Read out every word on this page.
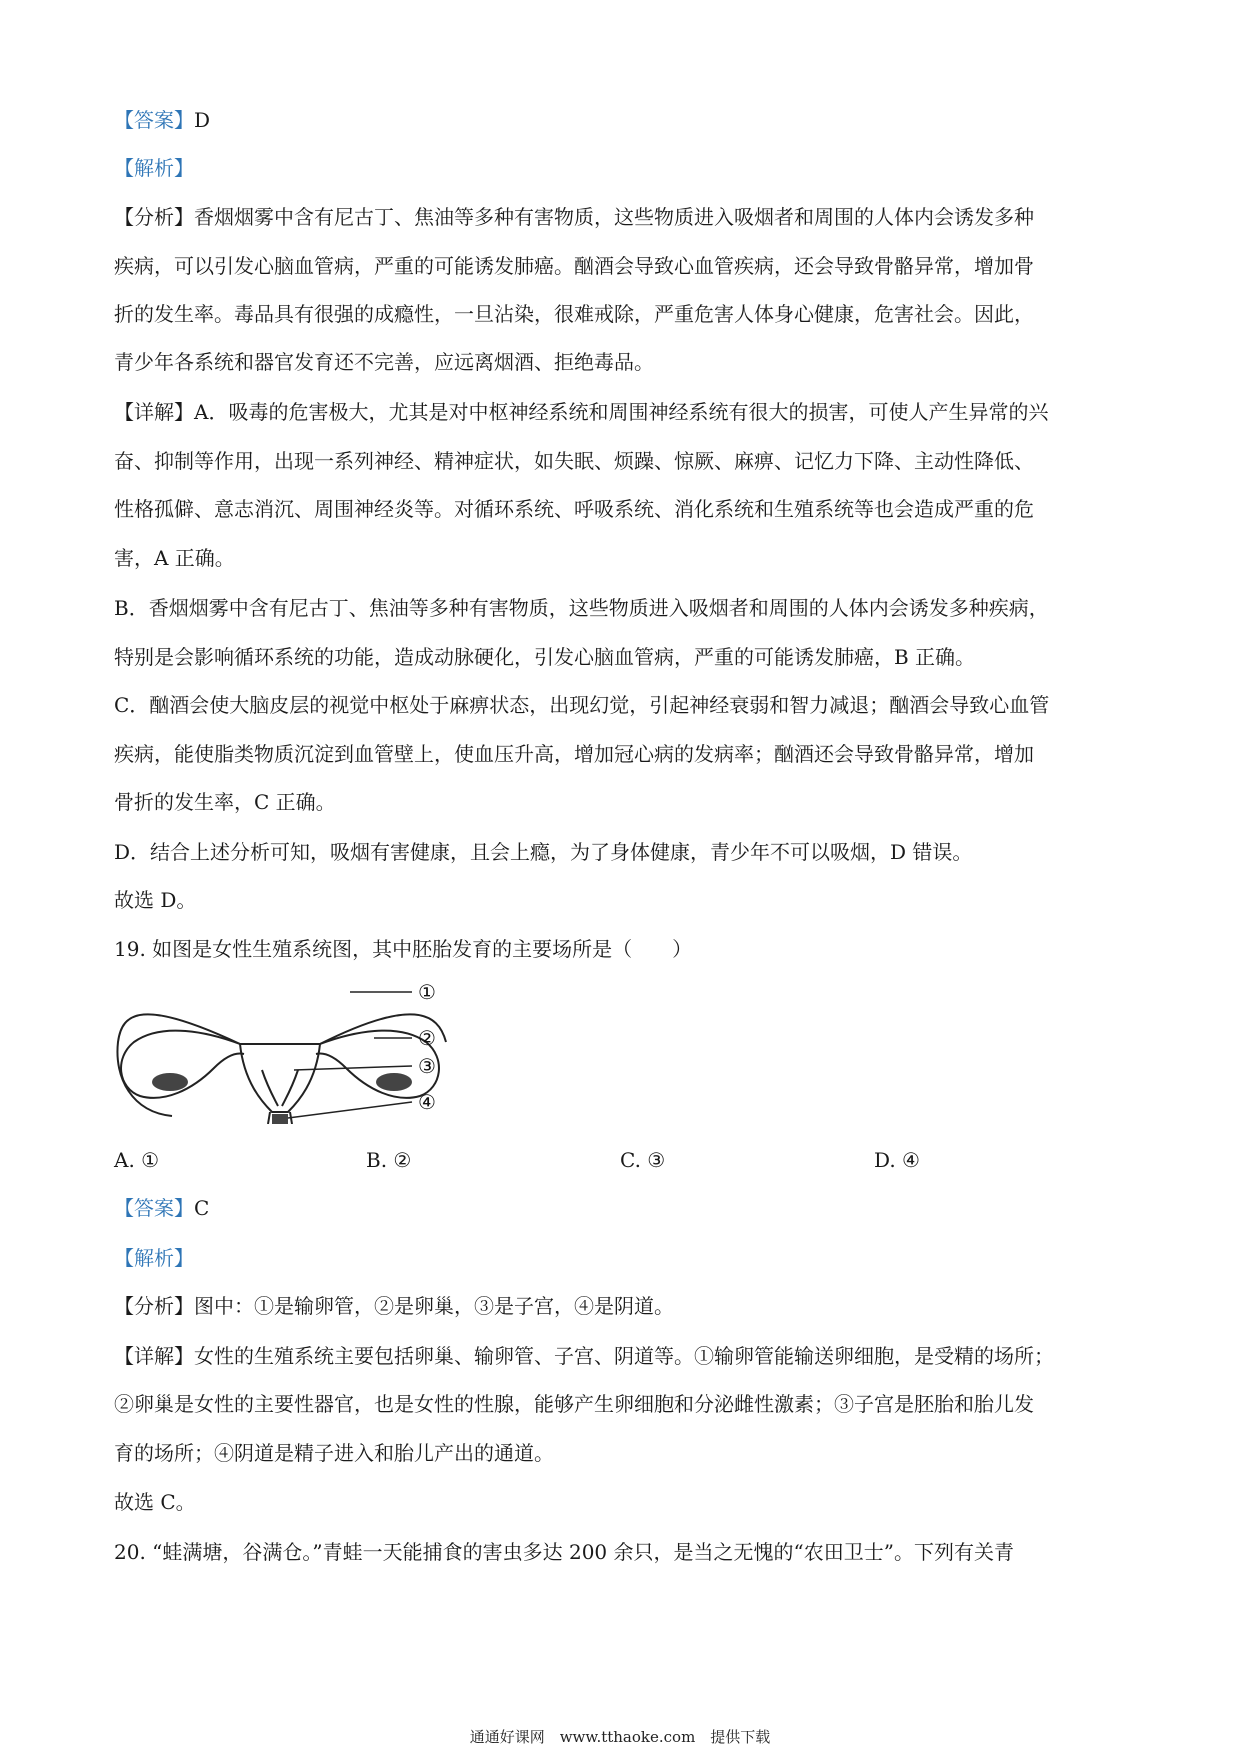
【答案】D
【解析】
【分析】香烟烟雾中含有尼古丁、焦油等多种有害物质，这些物质进入吸烟者和周围的人体内会诱发多种
疾病，可以引发心脑血管病，严重的可能诱发肺癌。酗酒会导致心血管疾病，还会导致骨骼异常，增加骨
折的发生率。毒品具有很强的成瘾性，一旦沾染，很难戒除，严重危害人体身心健康，危害社会。因此，
青少年各系统和器官发育还不完善，应远离烟酒、拒绝毒品。
【详解】A．吸毒的危害极大，尤其是对中枢神经系统和周围神经系统有很大的损害，可使人产生异常的兴
奋、抑制等作用，出现一系列神经、精神症状，如失眠、烦躁、惊厥、麻痹、记忆力下降、主动性降低、
性格孤僻、意志消沉、周围神经炎等。对循环系统、呼吸系统、消化系统和生殖系统等也会造成严重的危
害，A 正确。
B．香烟烟雾中含有尼古丁、焦油等多种有害物质，这些物质进入吸烟者和周围的人体内会诱发多种疾病，
特别是会影响循环系统的功能，造成动脉硬化，引发心脑血管病，严重的可能诱发肺癌，B 正确。
C．酗酒会使大脑皮层的视觉中枢处于麻痹状态，出现幻觉，引起神经衰弱和智力减退；酗酒会导致心血管
疾病，能使脂类物质沉淀到血管壁上，使血压升高，增加冠心病的发病率；酗酒还会导致骨骼异常，增加
骨折的发生率，C 正确。
D．结合上述分析可知，吸烟有害健康，且会上瘾，为了身体健康，青少年不可以吸烟，D 错误。
故选 D。
19. 如图是女性生殖系统图，其中胚胎发育的主要场所是（　　）
①
②
③
④
A. ①	B. ②	C. ③	D. ④
【答案】C
【解析】
【分析】图中：①是输卵管，②是卵巢，③是子宫，④是阴道。
【详解】女性的生殖系统主要包括卵巢、输卵管、子宫、阴道等。①输卵管能输送卵细胞，是受精的场所；
②卵巢是女性的主要性器官，也是女性的性腺，能够产生卵细胞和分泌雌性激素；③子宫是胚胎和胎儿发
育的场所；④阴道是精子进入和胎儿产出的通道。
故选 C。
20. “蛙满塘，谷满仓。”青蛙一天能捕食的害虫多达 200 余只，是当之无愧的“农田卫士”。下列有关青
通通好课网　www.tthaoke.com　提供下载
